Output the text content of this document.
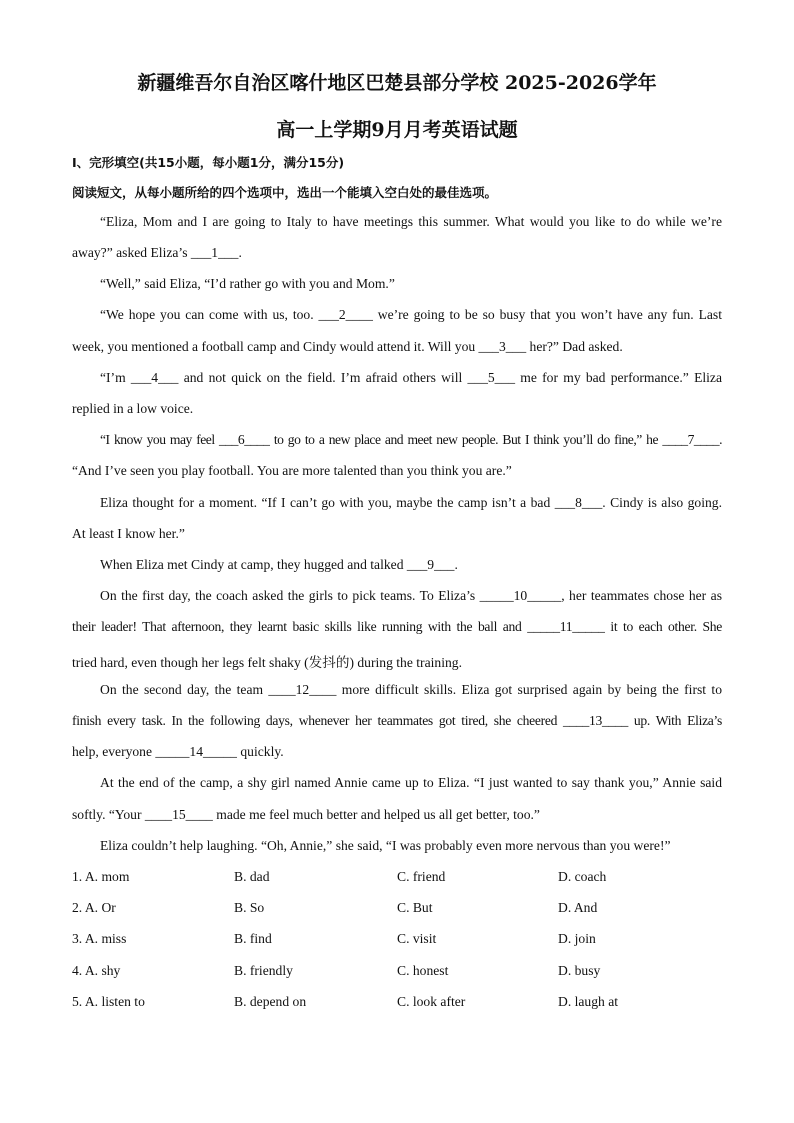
新疆维吾尔自治区喀什地区巴楚县部分学校 2025-2026学年
高一上学期9月月考英语试题
Ⅰ、完形填空(共15小题，每小题1分，满分15分)
阅读短文，从每小题所给的四个选项中，选出一个能填入空白处的最佳选项。
“Eliza, Mom and I are going to Italy to have meetings this summer. What would you like to do while we’re
away?” asked Eliza’s ___1___.
“Well,” said Eliza, “I’d rather go with you and Mom.”
“We hope you can come with us, too. ___2____ we’re going to be so busy that you won’t have any fun. Last
week, you mentioned a football camp and Cindy would attend it. Will you ___3___ her?” Dad asked.
“I’m ___4___ and not quick on the field. I’m afraid others will ___5___ me for my bad performance.” Eliza
replied in a low voice.
“I know you may feel ___6____ to go to a new place and meet new people. But I think you’ll do fine,” he ____7____.
“And I’ve seen you play football. You are more talented than you think you are.”
Eliza thought for a moment. “If I can’t go with you, maybe the camp isn’t a bad ___8___. Cindy is also going.
At least I know her.”
When Eliza met Cindy at camp, they hugged and talked ___9___.
On the first day, the coach asked the girls to pick teams. To Eliza’s _____10_____, her teammates chose her as
their leader! That afternoon, they learnt basic skills like running with the ball and _____11_____ it to each other. She
tried hard, even though her legs felt shaky (发抖的) during the training.
On the second day, the team ____12____ more difficult skills. Eliza got surprised again by being the first to
finish every task. In the following days, whenever her teammates got tired, she cheered ____13____ up. With Eliza’s
help, everyone _____14_____ quickly.
At the end of the camp, a shy girl named Annie came up to Eliza. “I just wanted to say thank you,” Annie said
softly. “Your ____15____ made me feel much better and helped us all get better, too.”
Eliza couldn’t help laughing. “Oh, Annie,” she said, “I was probably even more nervous than you were!”
1. A. mom	B. dad	C. friend	D. coach
2. A. Or	B. So	C. But	D. And
3. A. miss	B. find	C. visit	D. join
4. A. shy	B. friendly	C. honest	D. busy
5. A. listen to	B. depend on	C. look after	D. laugh at
